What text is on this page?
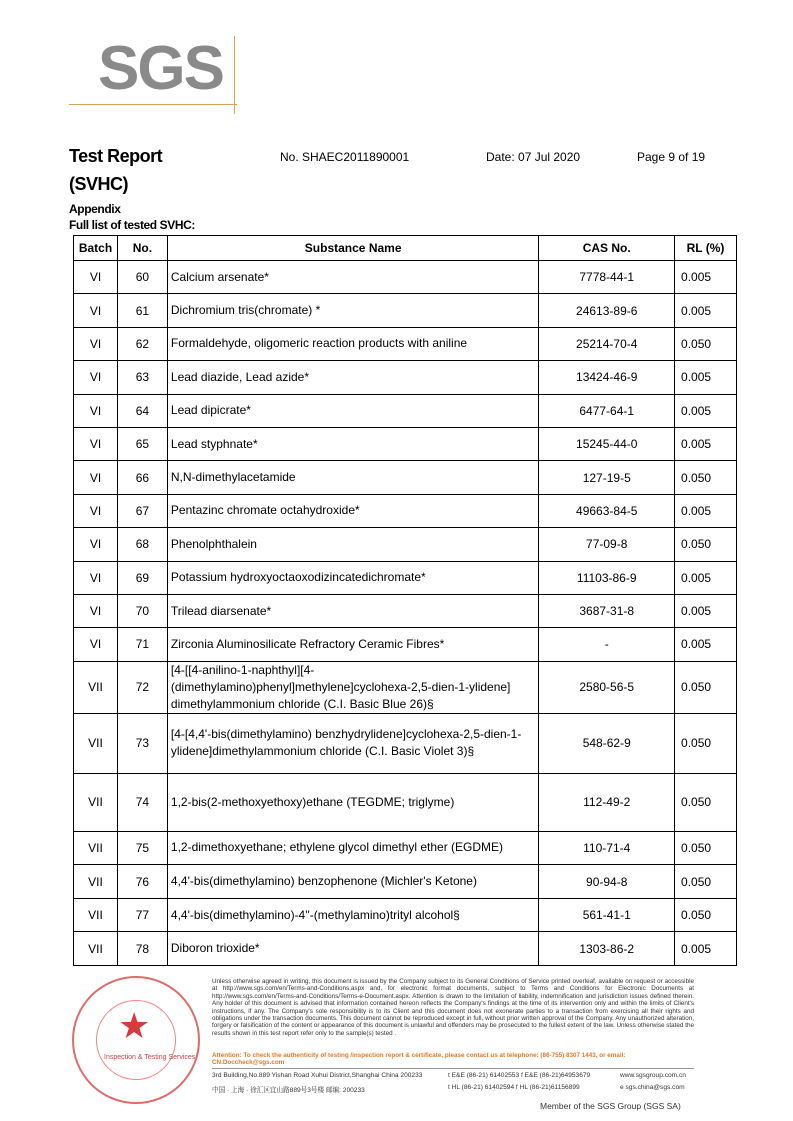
SGS
Test Report
(SVHC)
No. SHAEC2011890001	Date: 07 Jul 2020	Page 9 of 19
Appendix
Full list of tested SVHC:
Batch	No.	Substance Name	CAS No.	RL (%)
VI	60	Calcium arsenate*	7778-44-1	0.005
VI	61	Dichromium tris(chromate) *	24613-89-6	0.005
VI	62	Formaldehyde, oligomeric reaction products with aniline	25214-70-4	0.050
VI	63	Lead diazide, Lead azide*	13424-46-9	0.005
VI	64	Lead dipicrate*	6477-64-1	0.005
VI	65	Lead styphnate*	15245-44-0	0.005
VI	66	N,N-dimethylacetamide	127-19-5	0.050
VI	67	Pentazinc chromate octahydroxide*	49663-84-5	0.005
VI	68	Phenolphthalein	77-09-8	0.050
VI	69	Potassium hydroxyoctaoxodizincatedichromate*	11103-86-9	0.005
VI	70	Trilead diarsenate*	3687-31-8	0.005
VI	71	Zirconia Aluminosilicate Refractory Ceramic Fibres*	-	0.005
VII	72	[4-[[4-anilino-1-naphthyl][4-(dimethylamino)phenyl]methylene]cyclohexa-2,5-dien-1-ylidene] dimethylammonium chloride (C.I. Basic Blue 26)§	2580-56-5	0.050
VII	73	[4-[4,4'-bis(dimethylamino) benzhydrylidene]cyclohexa-2,5-dien-1-ylidene]dimethylammonium chloride (C.I. Basic Violet 3)§	548-62-9	0.050
VII	74	1,2-bis(2-methoxyethoxy)ethane (TEGDME; triglyme)	112-49-2	0.050
VII	75	1,2-dimethoxyethane; ethylene glycol dimethyl ether (EGDME)	110-71-4	0.050
VII	76	4,4'-bis(dimethylamino) benzophenone (Michler's Ketone)	90-94-8	0.050
VII	77	4,4'-bis(dimethylamino)-4''-(methylamino)trityl alcohol§	561-41-1	0.050
VII	78	Diboron trioxide*	1303-86-2	0.005
★
Inspection & Testing Services
Unless otherwise agreed in writing, this document is issued by the Company subject to its General Conditions of Service printed overleaf, available on request or accessible at http://www.sgs.com/en/Terms-and-Conditions.aspx and, for electronic format documents, subject to Terms and Conditions for Electronic Documents at http://www.sgs.com/en/Terms-and-Conditions/Terms-e-Document.aspx. Attention is drawn to the limitation of liability, indemnification and jurisdiction issues defined therein. Any holder of this document is advised that information contained hereon reflects the Company's findings at the time of its intervention only and within the limits of Client's instructions, if any. The Company's sole responsibility is to its Client and this document does not exonerate parties to a transaction from exercising all their rights and obligations under the transaction documents. This document cannot be reproduced except in full, without prior written approval of the Company. Any unauthorized alteration, forgery or falsification of the content or appearance of this document is unlawful and offenders may be prosecuted to the fullest extent of the law. Unless otherwise stated the results shown in this test report refer only to the sample(s) tested .
Attention: To check the authenticity of testing /inspection report & certificate, please contact us at telephone: (86-755) 8307 1443, or email: CN.Doccheck@sgs.com
3rd Building,No.889 Yishan Road Xuhui District,Shanghai China 200233	t E&E (86-21) 61402553 f E&E (86-21)64953679	www.sgsgroup.com.cn
中国 · 上海 · 徐汇区宜山路889号3号楼 邮编: 200233	t HL (86-21) 61402594 f HL (86-21)61156899	e sgs.china@sgs.com
Member of the SGS Group (SGS SA)
